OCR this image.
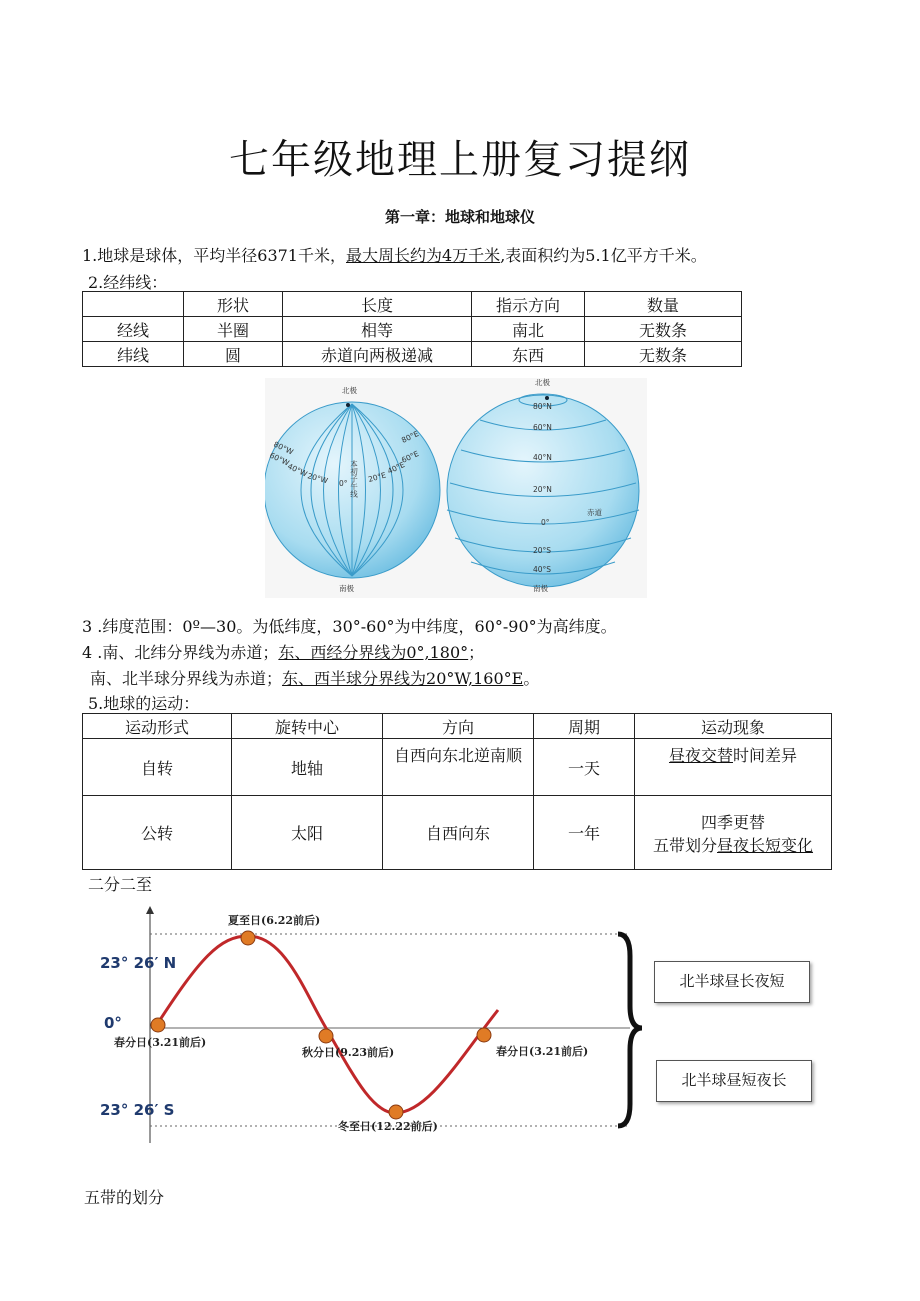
七年级地理上册复习提纲
第一章：地球和地球仪
1.地球是球体，平均半径6371千米，最大周长约为4万千米,表面积约为5.1亿平方千米。
2.经纬线：
	形状	长度	指示方向	数量
经线	半圈	相等	南北	无数条
纬线	圆	赤道向两极递减	东西	无数条
北极
南极
80°W
60°W
40°W
20°W 0°	20°E
40°E
60°E
80°E
本初子午线
北极
南极
80°N
60°N
40°N
20°N
0°
20°S
40°S
赤道
3 .纬度范围：0º—30。为低纬度，30°-60°为中纬度，60°-90°为高纬度。
4 .南、北纬分界线为赤道；东、西经分界线为0°,180°；
南、北半球分界线为赤道；东、西半球分界线为20°W,160°E。
5.地球的运动：
运动形式	旋转中心	方向	周期	运动现象
自转	地轴	自西向东北逆南顺	一天	昼夜交替时间差异
公转	太阳	自西向东	一年	四季更替
五带划分昼夜长短变化
二分二至
23° 26′ N
0°
23° 26′ S
夏至日(6.22前后)
春分日(3.21前后)
秋分日(9.23前后)	春分日(3.21前后)
冬至日(12.22前后)
北半球昼长夜短
北半球昼短夜长
五带的划分
